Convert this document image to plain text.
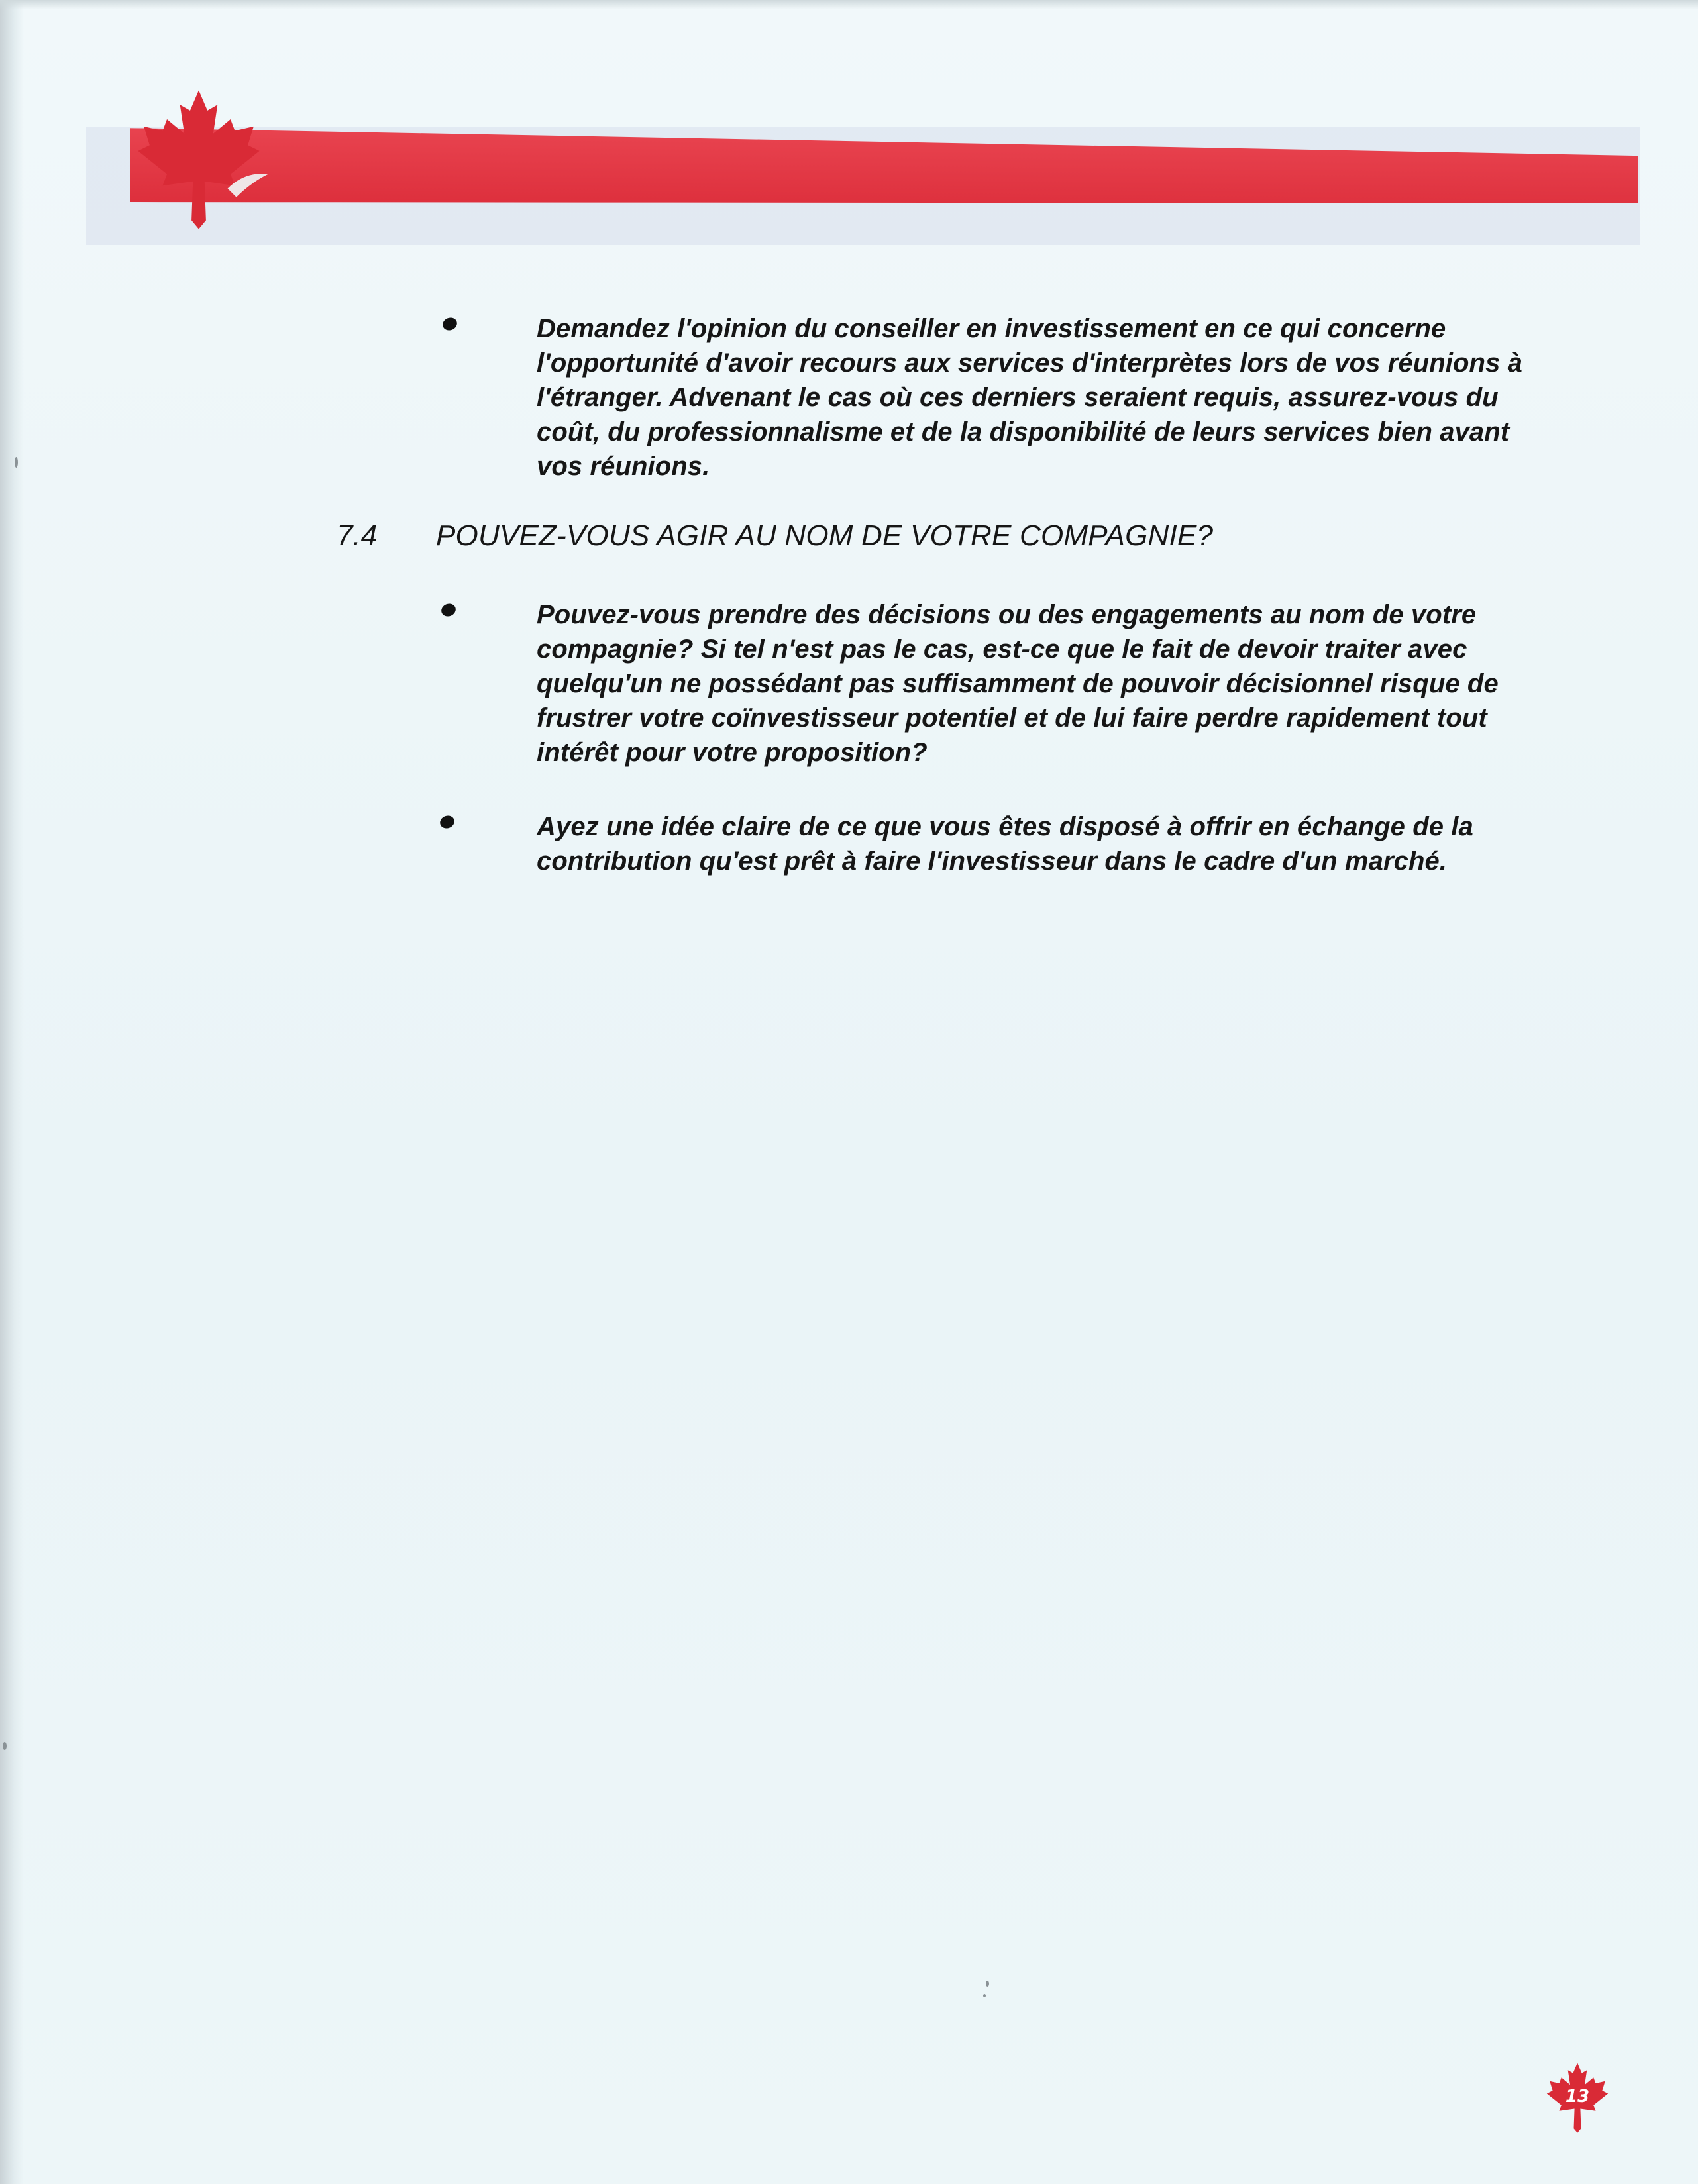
Demandez l'opinion du conseiller en investissement en ce qui concerne l'opportunité d'avoir recours aux services d'interprètes lors de vos réunions à l'étranger. Advenant le cas où ces derniers seraient requis, assurez-vous du coût, du professionnalisme et de la disponibilité de leurs services bien avant vos réunions.

7.4 POUVEZ-VOUS AGIR AU NOM DE VOTRE COMPAGNIE?

Pouvez-vous prendre des décisions ou des engagements au nom de votre compagnie? Si tel n'est pas le cas, est-ce que le fait de devoir traiter avec quelqu'un ne possédant pas suffisamment de pouvoir décisionnel risque de frustrer votre coïnvestisseur potentiel et de lui faire perdre rapidement tout intérêt pour votre proposition?

Ayez une idée claire de ce que vous êtes disposé à offrir en échange de la contribution qu'est prêt à faire l'investisseur dans le cadre d'un marché.

13
